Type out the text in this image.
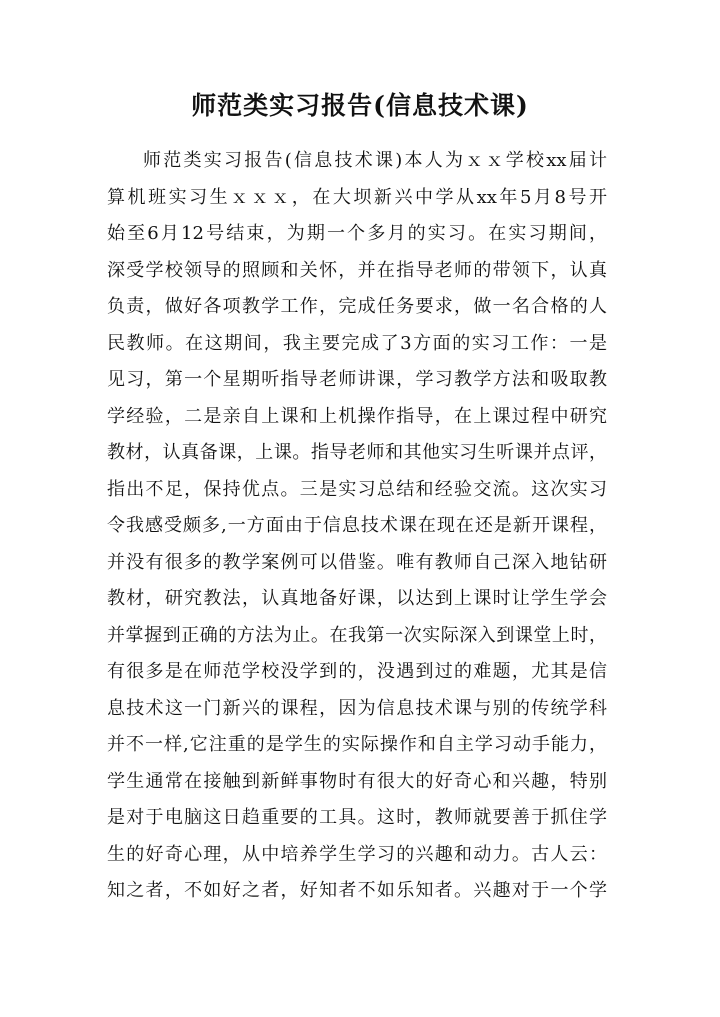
师范类实习报告(信息技术课)
师范类实习报告(信息技术课)本人为ｘｘ学校xx届计
算机班实习生ｘｘｘ，在大坝新兴中学从xx年5月8号开
始至6月12号结束，为期一个多月的实习。在实习期间，
深受学校领导的照顾和关怀，并在指导老师的带领下，认真
负责，做好各项教学工作，完成任务要求，做一名合格的人
民教师。在这期间，我主要完成了3方面的实习工作：一是
见习，第一个星期听指导老师讲课，学习教学方法和吸取教
学经验，二是亲自上课和上机操作指导，在上课过程中研究
教材，认真备课，上课。指导老师和其他实习生听课并点评，
指出不足，保持优点。三是实习总结和经验交流。这次实习
令我感受颇多,一方面由于信息技术课在现在还是新开课程，
并没有很多的教学案例可以借鉴。唯有教师自己深入地钻研
教材，研究教法，认真地备好课，以达到上课时让学生学会
并掌握到正确的方法为止。在我第一次实际深入到课堂上时，
有很多是在师范学校没学到的，没遇到过的难题，尤其是信
息技术这一门新兴的课程，因为信息技术课与别的传统学科
并不一样,它注重的是学生的实际操作和自主学习动手能力，
学生通常在接触到新鲜事物时有很大的好奇心和兴趣，特别
是对于电脑这日趋重要的工具。这时，教师就要善于抓住学
生的好奇心理，从中培养学生学习的兴趣和动力。古人云：
知之者，不如好之者，好知者不如乐知者。兴趣对于一个学
